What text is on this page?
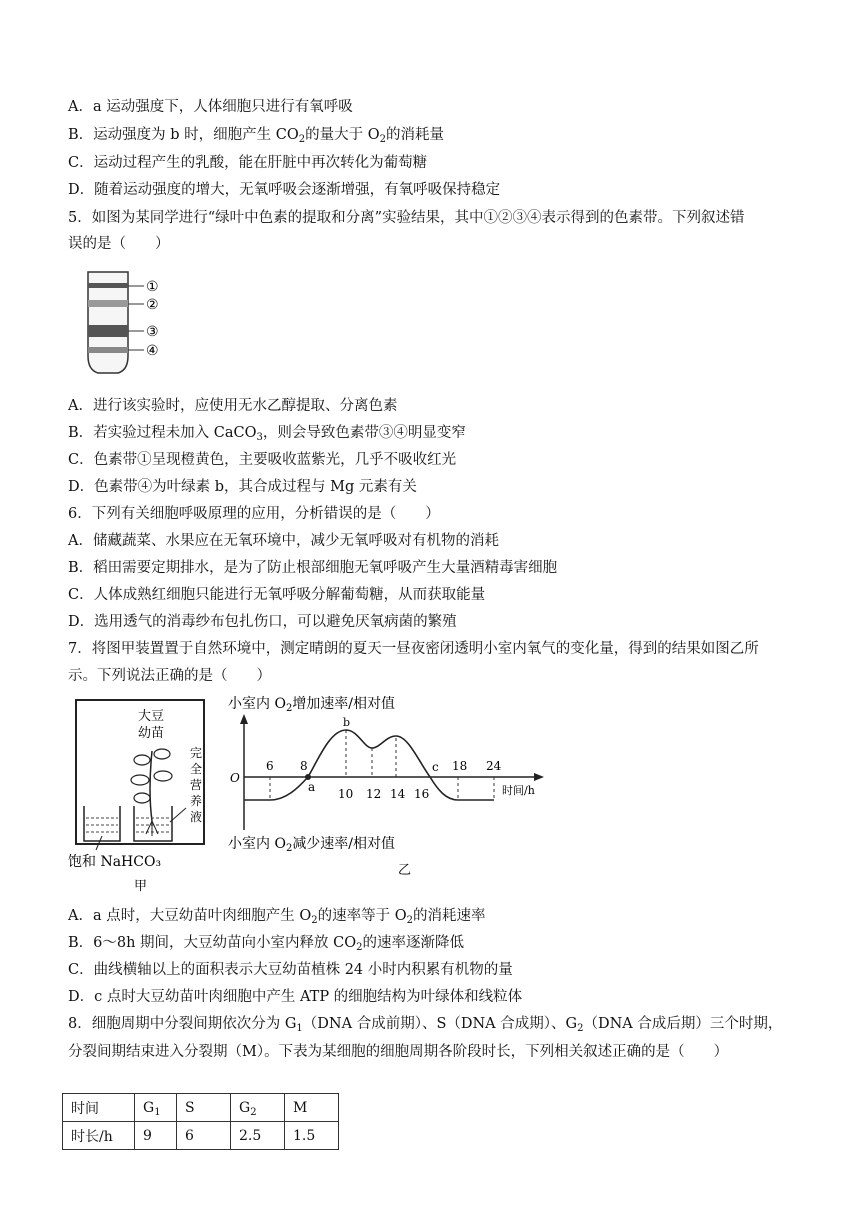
A．a 运动强度下，人体细胞只进行有氧呼吸
B．运动强度为 b 时，细胞产生 $CO_2$的量大于 $O_2$的消耗量
C．运动过程产生的乳酸，能在肝脏中再次转化为葡萄糖
D．随着运动强度的增大，无氧呼吸会逐渐增强，有氧呼吸保持稳定
5．如图为某同学进行“绿叶中色素的提取和分离”实验结果，其中①②③④表示得到的色素带。下列叙述错
误的是（　　）
①
②
③
④
A．进行该实验时，应使用无水乙醇提取、分离色素
B．若实验过程未加入 CaCO$_3$，则会导致色素带③④明显变窄
C．色素带①呈现橙黄色，主要吸收蓝紫光，几乎不吸收红光
D．色素带④为叶绿素 b，其合成过程与 Mg 元素有关
6．下列有关细胞呼吸原理的应用，分析错误的是（　　）
A．储藏蔬菜、水果应在无氧环境中，减少无氧呼吸对有机物的消耗
B．稻田需要定期排水，是为了防止根部细胞无氧呼吸产生大量酒精毒害细胞
C．人体成熟红细胞只能进行无氧呼吸分解葡萄糖，从而获取能量
D．选用透气的消毒纱布包扎伤口，可以避免厌氧病菌的繁殖
7．将图甲装置置于自然环境中，测定晴朗的夏天一昼夜密闭透明小室内氧气的变化量，得到的结果如图乙所
示。下列说法正确的是（　　）
大豆
幼苗
完
全
营
养
液
饱和 NaHCO₃
甲
小室内 $O_2$增加速率/相对值
O
6 8
10 12 14 16
18 24
时间/h
a
b
c
小室内 $O_2$减少速率/相对值
乙
A．a 点时，大豆幼苗叶肉细胞产生 $O_2$的速率等于 $O_2$的消耗速率
B．6～8h 期间，大豆幼苗向小室内释放 $CO_2$的速率逐渐降低
C．曲线横轴以上的面积表示大豆幼苗植株 24 小时内积累有机物的量
D．c 点时大豆幼苗叶肉细胞中产生 ATP 的细胞结构为叶绿体和线粒体
8．细胞周期中分裂间期依次分为 $G_1(DNA$ 合成前期）、S（DNA 合成期）、$G_2(DNA$ 合成后期）三个时期，
分裂间期结束进入分裂期（M）。下表为某细胞的细胞周期各阶段时长，下列相关叙述正确的是（　　）
时间	$G_1$	S	$G_2$	M
时长/h	9	6	2.5	1.5
